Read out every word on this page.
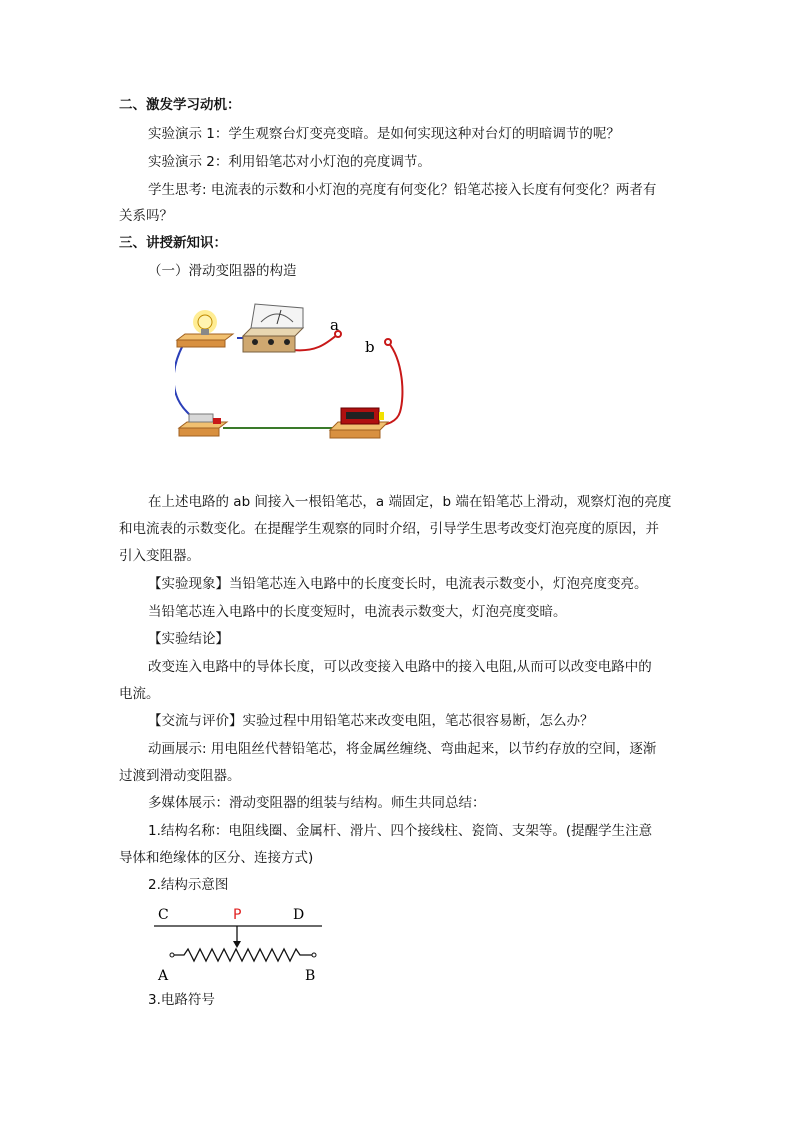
二、激发学习动机：
实验演示 1：学生观察台灯变亮变暗。是如何实现这种对台灯的明暗调节的呢？
实验演示 2：利用铅笔芯对小灯泡的亮度调节。
学生思考: 电流表的示数和小灯泡的亮度有何变化？铅笔芯接入长度有何变化？两者有
关系吗？
三、讲授新知识：
（一）滑动变阻器的构造
a
b
在上述电路的 ab 间接入一根铅笔芯，a 端固定，b 端在铅笔芯上滑动，观察灯泡的亮度
和电流表的示数变化。在提醒学生观察的同时介绍，引导学生思考改变灯泡亮度的原因，并
引入变阻器。
【实验现象】当铅笔芯连入电路中的长度变长时，电流表示数变小，灯泡亮度变亮。
当铅笔芯连入电路中的长度变短时，电流表示数变大，灯泡亮度变暗。
【实验结论】
改变连入电路中的导体长度，可以改变接入电路中的接入电阻,从而可以改变电路中的
电流。
【交流与评价】实验过程中用铅笔芯来改变电阻，笔芯很容易断，怎么办？
动画展示: 用电阻丝代替铅笔芯，将金属丝缠绕、弯曲起来，以节约存放的空间，逐渐
过渡到滑动变阻器。
多媒体展示：滑动变阻器的组装与结构。师生共同总结：
1.结构名称：电阻线圈、金属杆、滑片、四个接线柱、瓷筒、支架等。(提醒学生注意
导体和绝缘体的区分、连接方式)
2.结构示意图
C	P	D
A	B
3.电路符号
